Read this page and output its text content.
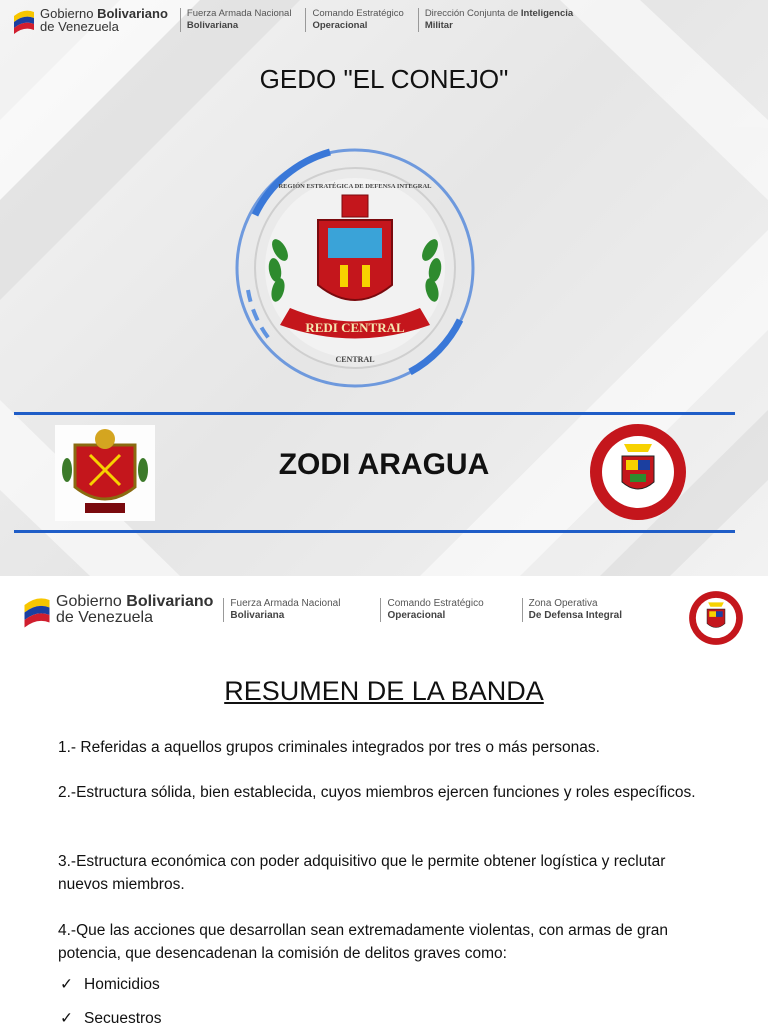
Gobierno Bolivariano
de Venezuela
Fuerza Armada Nacional
Bolivariana
Comando Estratégico
Operacional
Dirección Conjunta de Inteligencia
Militar
GEDO "EL CONEJO"
REDI CENTRAL
CENTRAL
REGIÓN ESTRATÉGICA DE DEFENSA INTEGRAL
ZODI ARAGUA
Gobierno Bolivariano
de Venezuela
Fuerza Armada Nacional
Bolivariana
Comando Estratégico
Operacional
Zona Operativa
De Defensa Integral
RESUMEN DE LA BANDA
1.- Referidas a aquellos grupos criminales integrados por tres o más personas.
2.-Estructura sólida, bien establecida, cuyos miembros ejercen funciones y roles específicos.
3.-Estructura económica con poder adquisitivo que le permite obtener logística y reclutar nuevos miembros.
4.-Que las acciones que desarrollan sean extremadamente violentas, con armas de gran potencia, que desencadenan la comisión de delitos graves como:
✓ Homicidios
✓ Secuestros
